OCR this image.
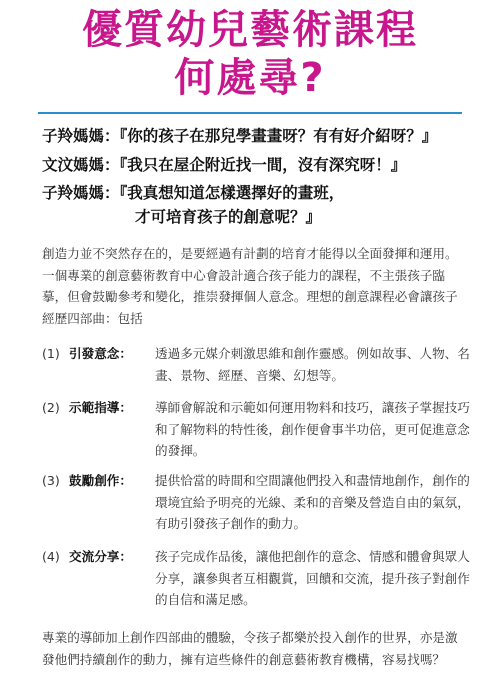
優質幼兒藝術課程
何處尋?
子羚媽媽：『你的孩子在那兒學畫畫呀？有有好介紹呀？』
文汶媽媽：『我只在屋企附近找一間，沒有深究呀！』
子羚媽媽：『我真想知道怎樣選擇好的畫班，
才可培育孩子的創意呢？』
創造力並不突然存在的，是要經過有計劃的培育才能得以全面發揮和運用。一個專業的創意藝術教育中心會設計適合孩子能力的課程，不主張孩子臨摹，但會鼓勵參考和變化，推崇發揮個人意念。理想的創意課程必會讓孩子經歷四部曲：包括
(1) 引發意念： 透過多元媒介刺激思維和創作靈感。例如故事、人物、名畫、景物、經歷、音樂、幻想等。
(2) 示範指導： 導師會解說和示範如何運用物料和技巧，讓孩子掌握技巧和了解物料的特性後，創作便會事半功倍，更可促進意念的發揮。
(3) 鼓勵創作： 提供恰當的時間和空間讓他們投入和盡情地創作，創作的環境宜給予明亮的光線、柔和的音樂及營造自由的氣氛，有助引發孩子創作的動力。
(4) 交流分享： 孩子完成作品後，讓他把創作的意念、情感和體會與眾人分享，讓參與者互相觀賞，回饋和交流，提升孩子對創作的自信和滿足感。
專業的導師加上創作四部曲的體驗，令孩子都樂於投入創作的世界，亦是激發他們持續創作的動力，擁有這些條件的創意藝術教育機構，容易找嗎？
